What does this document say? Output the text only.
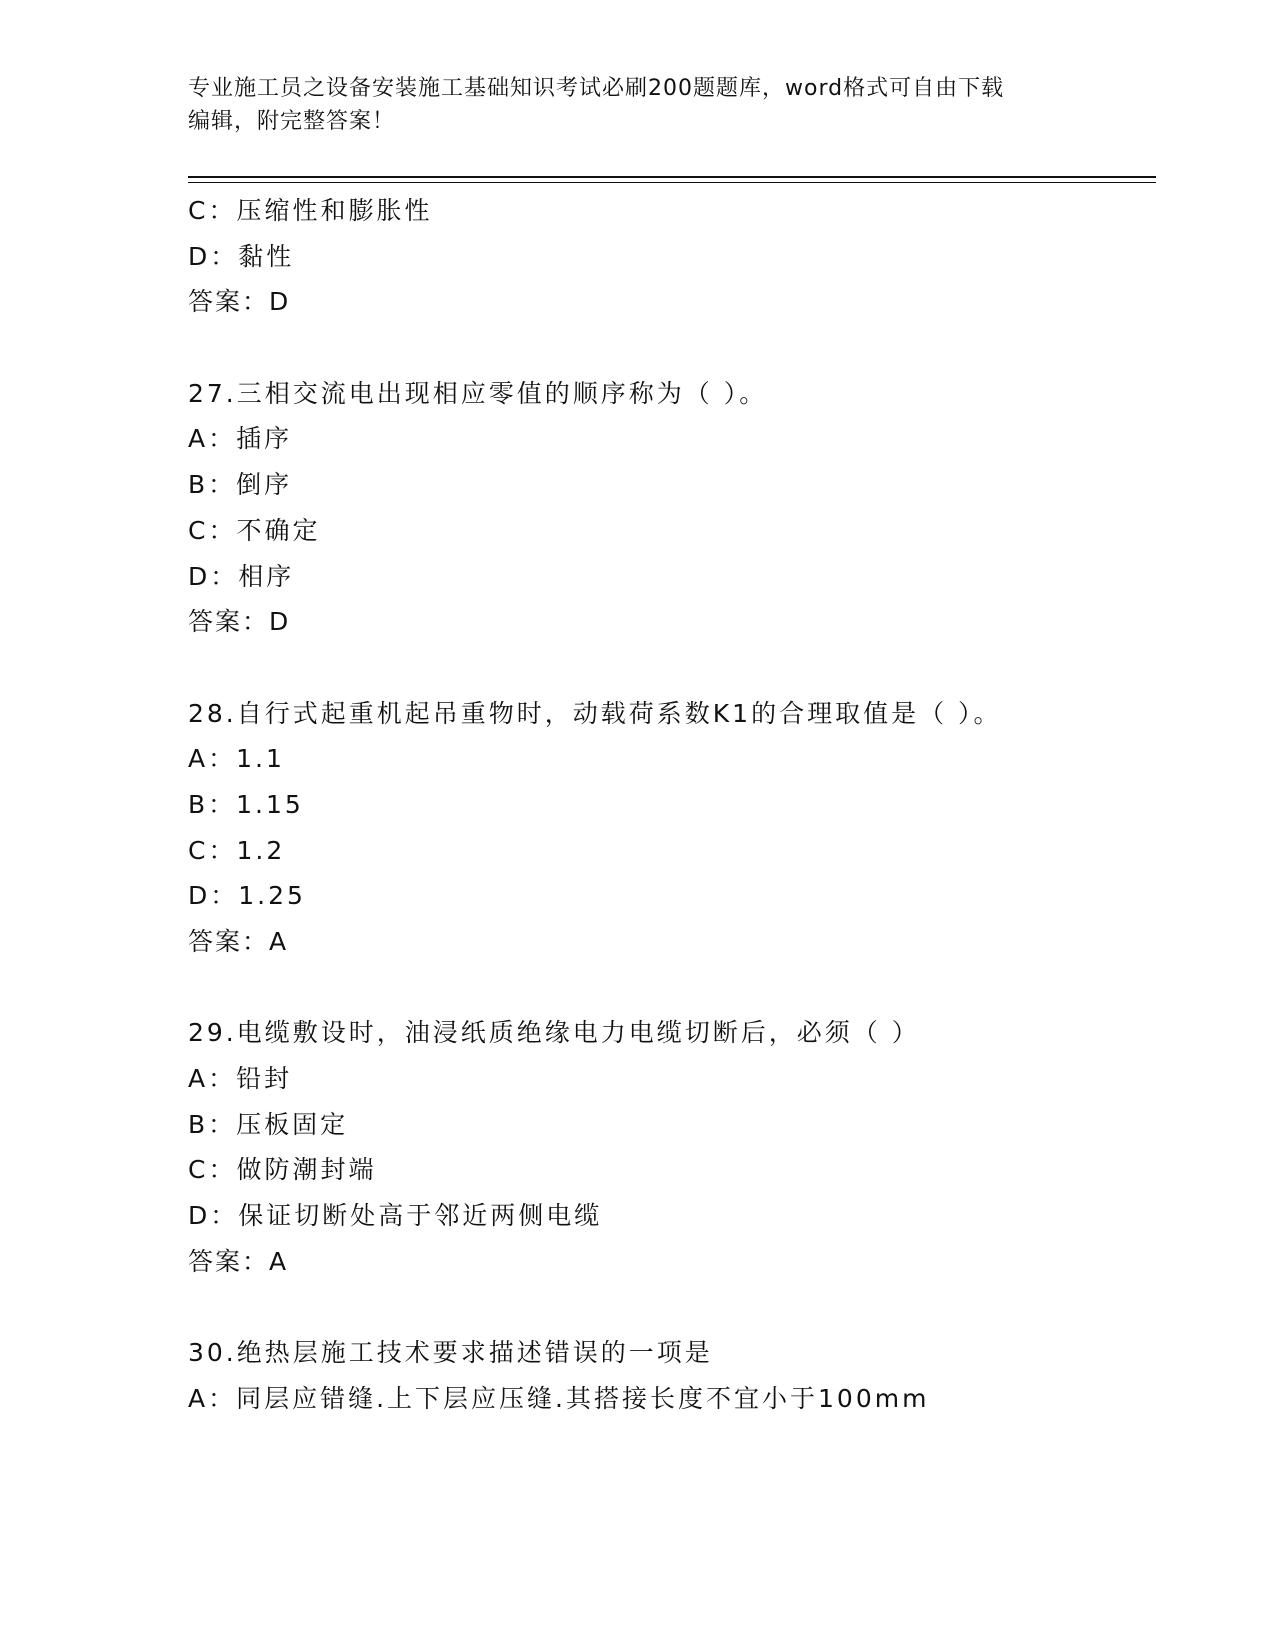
专业施工员之设备安装施工基础知识考试必刷200题题库，word格式可自由下载
编辑，附完整答案！
C：压缩性和膨胀性
D：黏性
答案：D
27.三相交流电出现相应零值的顺序称为（ ）。
A：插序
B：倒序
C：不确定
D：相序
答案：D
28.自行式起重机起吊重物时，动载荷系数K1的合理取值是（ ）。
A：1.1
B：1.15
C：1.2
D：1.25
答案：A
29.电缆敷设时，油浸纸质绝缘电力电缆切断后，必须（ ）
A：铅封
B：压板固定
C：做防潮封端
D：保证切断处高于邻近两侧电缆
答案：A
30.绝热层施工技术要求描述错误的一项是
A：同层应错缝.上下层应压缝.其搭接长度不宜小于100mm
